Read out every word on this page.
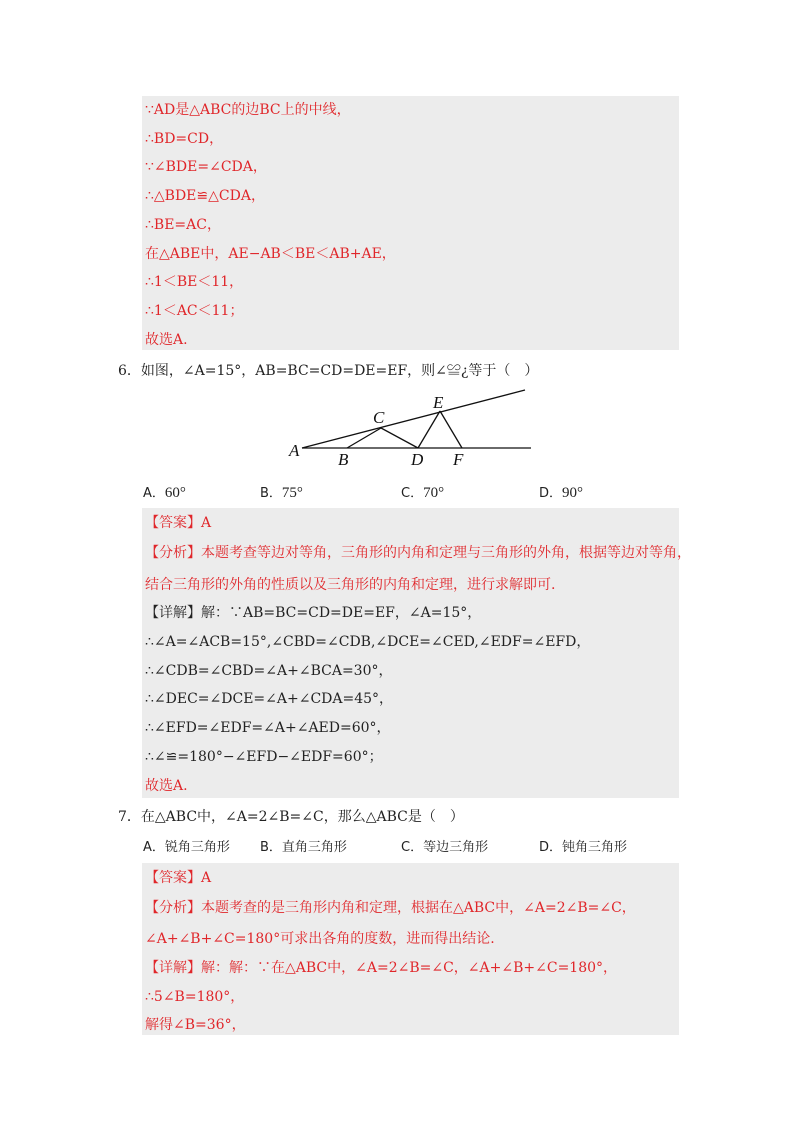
∵AD是△ABC的边BC上的中线，
∴BD=CD，
∵∠BDE=∠CDA，
∴△BDE≌△CDA，
∴BE=AC，
在△ABE中，AE−AB＜BE＜AB+AE，
∴1＜BE＜11，
∴1＜AC＜11；
故选A.
6．如图，∠A=15°，AB=BC=CD=DE=EF，则∠≌¿等于（　）
A B
C
D
E
F
A．60°	B．75°	C．70°	D．90°
【答案】A
【分析】本题考查等边对等角，三角形的内角和定理与三角形的外角，根据等边对等角，
结合三角形的外角的性质以及三角形的内角和定理，进行求解即可.
【详解】解：∵AB=BC=CD=DE=EF，∠A=15°，
∴∠A=∠ACB=15°,∠CBD=∠CDB,∠DCE=∠CED,∠EDF=∠EFD，
∴∠CDB=∠CBD=∠A+∠BCA=30°，
∴∠DEC=∠DCE=∠A+∠CDA=45°，
∴∠EFD=∠EDF=∠A+∠AED=60°，
∴∠≌=180°−∠EFD−∠EDF=60°；
故选A.
7．在△ABC中，∠A=2∠B=∠C，那么△ABC是（　）
A．锐角三角形 B．直角三角形	C．等边三角形	D．钝角三角形
【答案】A
【分析】本题考查的是三角形内角和定理，根据在△ABC中，∠A=2∠B=∠C，
∠A+∠B+∠C=180°可求出各角的度数，进而得出结论.
【详解】解：解：∵在△ABC中，∠A=2∠B=∠C，∠A+∠B+∠C=180°，
∴5∠B=180°，
解得∠B=36°，
